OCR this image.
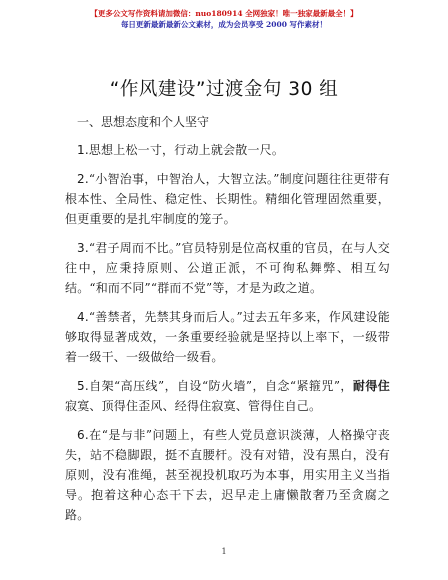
【更多公文写作资料请加微信：nuo180914 全网独家！唯一独家最新最全！】
每日更新最新最新公文素材，成为会员享受 2000 写作素材！
“作风建设”过渡金句 30 组

一、思想态度和个人坚守

1.思想上松一寸，行动上就会散一尺。

2.“小智治事，中智治人，大智立法。”制度问题往往更带有根本性、全局性、稳定性、长期性。精细化管理固然重要，但更重要的是扎牢制度的笼子。

3.“君子周而不比。”官员特别是位高权重的官员，在与人交往中，应秉持原则、公道正派，不可徇私舞弊、相互勾结。“和而不同”“群而不党”等，才是为政之道。

4.“善禁者，先禁其身而后人。”过去五年多来，作风建设能够取得显著成效，一条重要经验就是坚持以上率下，一级带着一级干、一级做给一级看。

5.自架“高压线”，自设“防火墙”，自念“紧箍咒”，耐得住寂寞、顶得住歪风、经得住寂寞、管得住自己。

6.在“是与非”问题上，有些人党员意识淡薄，人格操守丧失，站不稳脚跟，挺不直腰杆。没有对错，没有黑白，没有原则，没有准绳，甚至视投机取巧为本事，用实用主义当指导。抱着这种心态干下去，迟早走上庸懒散奢乃至贪腐之路。

1
